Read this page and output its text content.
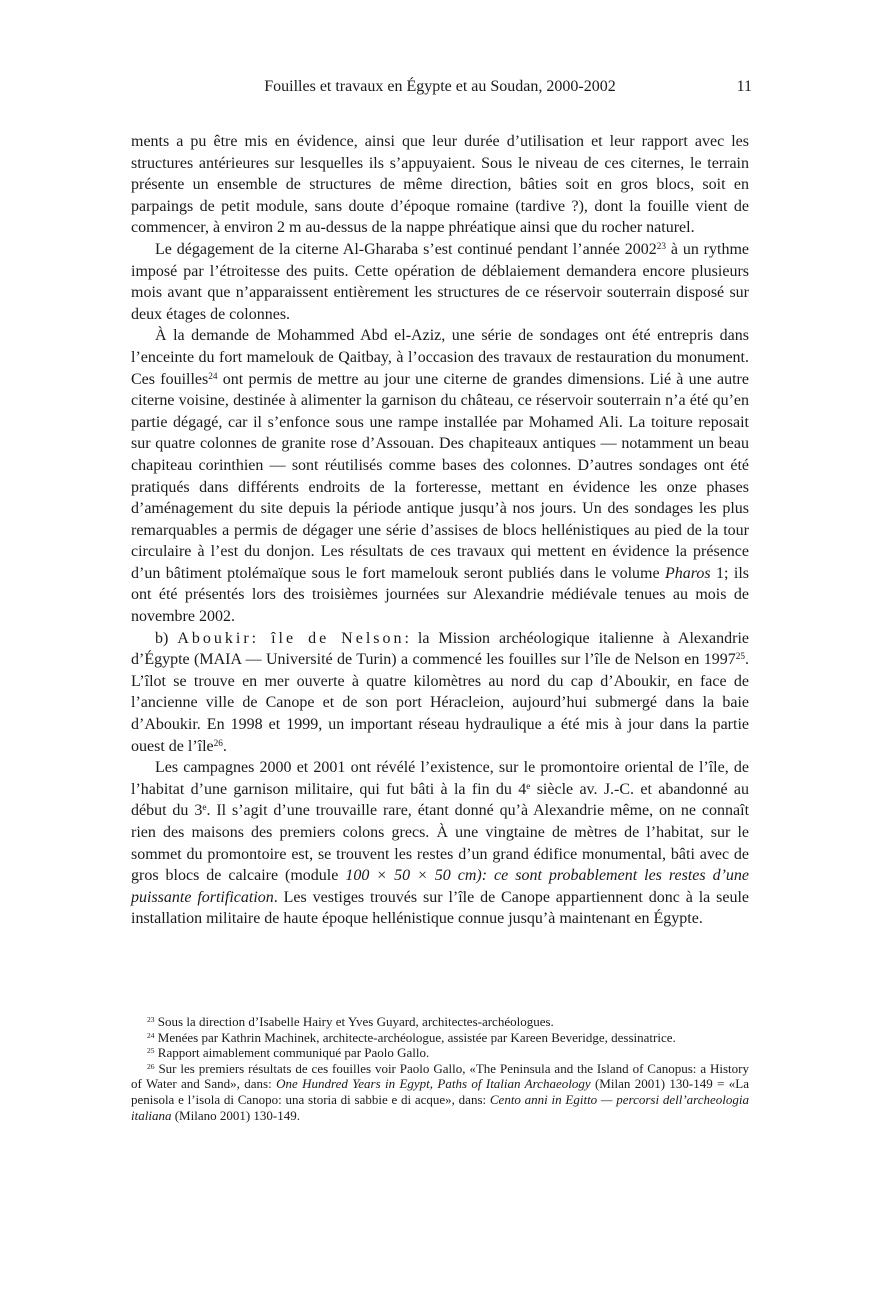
Fouilles et travaux en Égypte et au Soudan, 2000-2002	11

ments a pu être mis en évidence, ainsi que leur durée d’utilisation et leur rapport avec les structures antérieures sur lesquelles ils s’appuyaient. Sous le niveau de ces citernes, le terrain présente un ensemble de structures de même direction, bâties soit en gros blocs, soit en parpaings de petit module, sans doute d’époque romaine (tardive ?), dont la fouille vient de commencer, à environ 2 m au-dessus de la nappe phréatique ainsi que du rocher naturel.

Le dégagement de la citerne Al-Gharaba s’est continué pendant l’année 2002$^{23}$ à un rythme imposé par l’étroitesse des puits. Cette opération de déblaiement demandera encore plusieurs mois avant que n’apparaissent entièrement les structures de ce réservoir souterrain disposé sur deux étages de colonnes.

À la demande de Mohammed Abd el-Aziz, une série de sondages ont été entrepris dans l’enceinte du fort mamelouk de Qaitbay, à l’occasion des travaux de restauration du monument. Ces fouilles$^{24}$ ont permis de mettre au jour une citerne de grandes dimensions. Lié à une autre citerne voisine, destinée à alimenter la garnison du château, ce réservoir souterrain n’a été qu’en partie dégagé, car il s’enfonce sous une rampe installée par Mohamed Ali. La toiture reposait sur quatre colonnes de granite rose d’Assouan. Des chapiteaux antiques — notamment un beau chapiteau corinthien — sont réutilisés comme bases des colonnes. D’autres sondages ont été pratiqués dans différents endroits de la forteresse, mettant en évidence les onze phases d’aménagement du site depuis la période antique jusqu’à nos jours. Un des sondages les plus remarquables a permis de dégager une série d’assises de blocs hellénistiques au pied de la tour circulaire à l’est du donjon. Les résultats de ces travaux qui mettent en évidence la présence d’un bâtiment ptolémaïque sous le fort mamelouk seront publiés dans le volume Pharos 1; ils ont été présentés lors des troisièmes journées sur Alexandrie médiévale tenues au mois de novembre 2002.

b) Aboukir: île de Nelson: la Mission archéologique italienne à Alexandrie d’Égypte (MAIA — Université de Turin) a commencé les fouilles sur l’île de Nelson en 1997$^{25}$. L’îlot se trouve en mer ouverte à quatre kilomètres au nord du cap d’Aboukir, en face de l’ancienne ville de Canope et de son port Héracleion, aujourd’hui submergé dans la baie d’Aboukir. En 1998 et 1999, un important réseau hydraulique a été mis à jour dans la partie ouest de l’île$^{26}$.

Les campagnes 2000 et 2001 ont révélé l’existence, sur le promontoire oriental de l’île, de l’habitat d’une garnison militaire, qui fut bâti à la fin du 4e siècle av. J.-C. et abandonné au début du 3e. Il s’agit d’une trouvaille rare, étant donné qu’à Alexandrie même, on ne connaît rien des maisons des premiers colons grecs. À une vingtaine de mètres de l’habitat, sur le sommet du promontoire est, se trouvent les restes d’un grand édifice monumental, bâti avec de gros blocs de calcaire (module 100 × 50 × 50 cm): ce sont probablement les restes d’une puissante fortification. Les vestiges trouvés sur l’île de Canope appartiennent donc à la seule installation militaire de haute époque hellénistique connue jusqu’à maintenant en Égypte.

$^{23}$ Sous la direction d’Isabelle Hairy et Yves Guyard, architectes-archéologues.

$^{24}$ Menées par Kathrin Machinek, architecte-archéologue, assistée par Kareen Beveridge, dessinatrice.

$^{25}$ Rapport aimablement communiqué par Paolo Gallo.

$^{26}$ Sur les premiers résultats de ces fouilles voir Paolo Gallo, «The Peninsula and the Island of Canopus: a History of Water and Sand», dans: One Hundred Years in Egypt, Paths of Italian Archaeology (Milan 2001) 130-149 = «La penisola e l’isola di Canopo: una storia di sabbie e di acque», dans: Cento anni in Egitto — percorsi dell’archeologia italiana (Milano 2001) 130-149.
